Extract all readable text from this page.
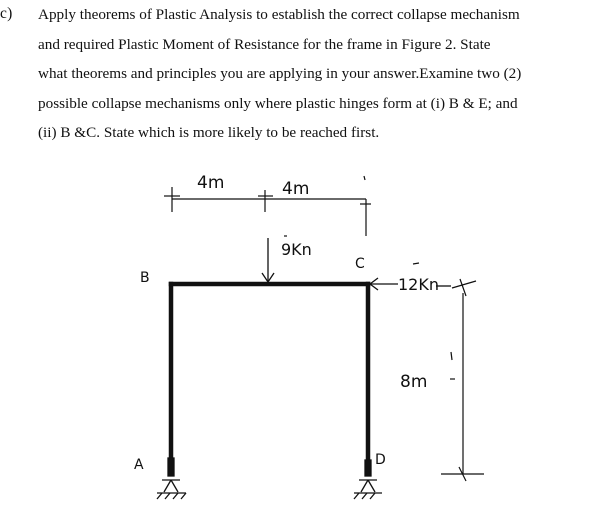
c) Apply theorems of Plastic Analysis to establish the correct collapse mechanism
and required Plastic Moment of Resistance for the frame in Figure 2. State
what theorems and principles you are applying in your answer.Examine two (2)
possible collapse mechanisms only where plastic hinges form at (i) B & E; and
(ii) B &C. State which is more likely to be reached first.
4m	4m
9Kn
12Kn
8m
B
C
A	D
